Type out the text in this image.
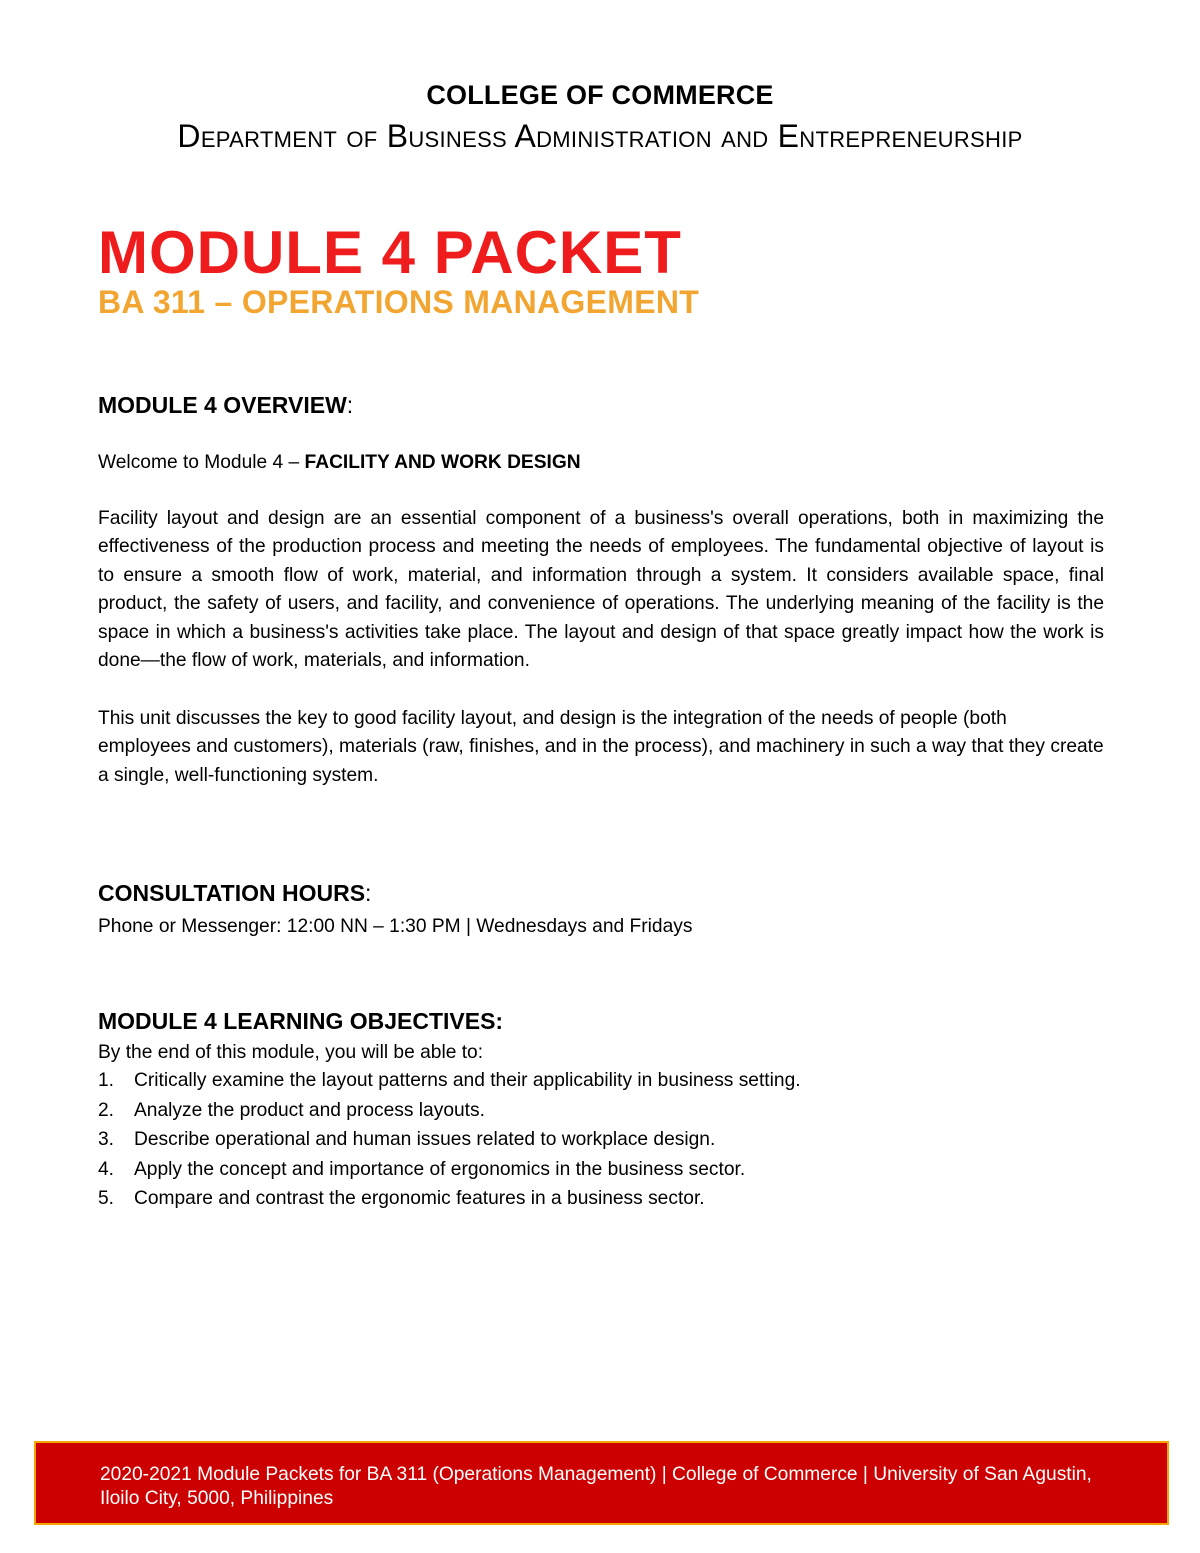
COLLEGE OF COMMERCE
Department of Business Administration and Entrepreneurship
MODULE 4 PACKET
BA 311 – OPERATIONS MANAGEMENT
MODULE 4 OVERVIEW:
Welcome to Module 4 – FACILITY AND WORK DESIGN

Facility layout and design are an essential component of a business's overall operations, both in maximizing the effectiveness of the production process and meeting the needs of employees. The fundamental objective of layout is to ensure a smooth flow of work, material, and information through a system. It considers available space, final product, the safety of users, and facility, and convenience of operations. The underlying meaning of the facility is the space in which a business's activities take place. The layout and design of that space greatly impact how the work is done—the flow of work, materials, and information.

This unit discusses the key to good facility layout, and design is the integration of the needs of people (both employees and customers), materials (raw, finishes, and in the process), and machinery in such a way that they create a single, well-functioning system.

CONSULTATION HOURS:
Phone or Messenger: 12:00 NN – 1:30 PM | Wednesdays and Fridays
MODULE 4 LEARNING OBJECTIVES:
By the end of this module, you will be able to:
1.	Critically examine the layout patterns and their applicability in business setting.
2.	Analyze the product and process layouts.
3.	Describe operational and human issues related to workplace design.
4.	Apply the concept and importance of ergonomics in the business sector.
5.	Compare and contrast the ergonomic features in a business sector.
2020-2021 Module Packets for BA 311 (Operations Management) | College of Commerce | University of San Agustin, Iloilo City, 5000, Philippines
